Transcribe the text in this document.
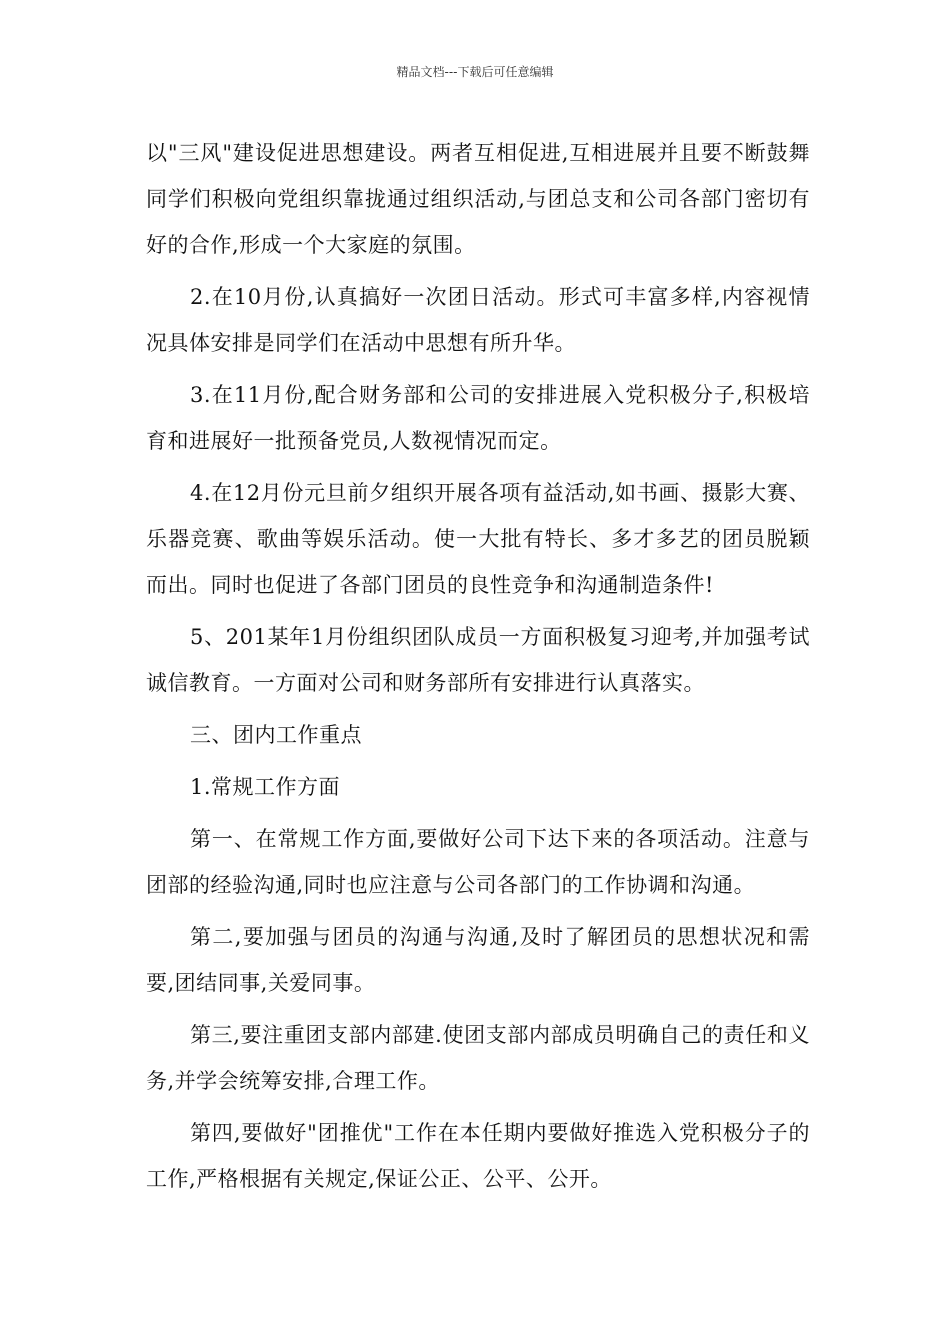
精品文档---下载后可任意编辑

以"三风"建设促进思想建设。两者互相促进,互相进展并且要不断鼓舞同学们积极向党组织靠拢通过组织活动,与团总支和公司各部门密切有好的合作,形成一个大家庭的氛围。

2.在10月份,认真搞好一次团日活动。形式可丰富多样,内容视情况具体安排是同学们在活动中思想有所升华。

3.在11月份,配合财务部和公司的安排进展入党积极分子,积极培育和进展好一批预备党员,人数视情况而定。

4.在12月份元旦前夕组织开展各项有益活动,如书画、摄影大赛、乐器竞赛、歌曲等娱乐活动。使一大批有特长、多才多艺的团员脱颖而出。同时也促进了各部门团员的良性竞争和沟通制造条件!

5、201某年1月份组织团队成员一方面积极复习迎考,并加强考试诚信教育。一方面对公司和财务部所有安排进行认真落实。

三、团内工作重点

1.常规工作方面

第一、在常规工作方面,要做好公司下达下来的各项活动。注意与团部的经验沟通,同时也应注意与公司各部门的工作协调和沟通。

第二,要加强与团员的沟通与沟通,及时了解团员的思想状况和需要,团结同事,关爱同事。

第三,要注重团支部内部建.使团支部内部成员明确自己的责任和义务,并学会统筹安排,合理工作。

第四,要做好"团推优"工作在本任期内要做好推选入党积极分子的工作,严格根据有关规定,保证公正、公平、公开。
